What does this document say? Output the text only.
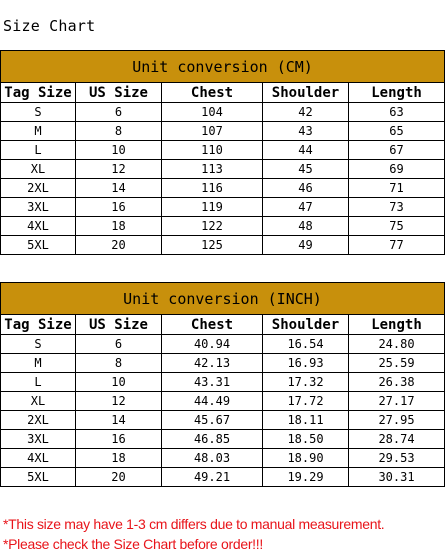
Size Chart
Unit conversion (CM)				
Tag Size	US Size	Chest	Shoulder	Length
S	6	104	42	63
M	8	107	43	65
L	10	110	44	67
XL	12	113	45	69
2XL	14	116	46	71
3XL	16	119	47	73
4XL	18	122	48	75
5XL	20	125	49	77
Unit conversion (INCH)				
Tag Size	US Size	Chest	Shoulder	Length
S	6	40.94	16.54	24.80
M	8	42.13	16.93	25.59
L	10	43.31	17.32	26.38
XL	12	44.49	17.72	27.17
2XL	14	45.67	18.11	27.95
3XL	16	46.85	18.50	28.74
4XL	18	48.03	18.90	29.53
5XL	20	49.21	19.29	30.31
*This size may have 1-3 cm differs due to manual measurement.
*Please check the Size Chart before order!!!
